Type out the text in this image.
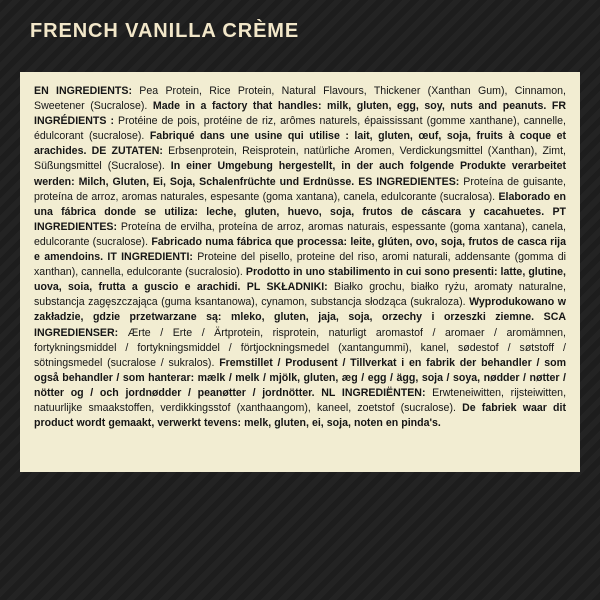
FRENCH VANILLA CRÈME

EN INGREDIENTS: Pea Protein, Rice Protein, Natural Flavours, Thickener (Xanthan Gum), Cinnamon, Sweetener (Sucralose). Made in a factory that handles: milk, gluten, egg, soy, nuts and peanuts. FR INGRÉDIENTS : Protéine de pois, protéine de riz, arômes naturels, épaississant (gomme xanthane), cannelle, édulcorant (sucralose). Fabriqué dans une usine qui utilise : lait, gluten, œuf, soja, fruits à coque et arachides. DE ZUTATEN: Erbsenprotein, Reisprotein, natürliche Aromen, Verdickungsmittel (Xanthan), Zimt, Süßungsmittel (Sucralose). In einer Umgebung hergestellt, in der auch folgende Produkte verarbeitet werden: Milch, Gluten, Ei, Soja, Schalenfrüchte und Erdnüsse. ES INGREDIENTES: Proteína de guisante, proteína de arroz, aromas naturales, espesante (goma xantana), canela, edulcorante (sucralosa). Elaborado en una fábrica donde se utiliza: leche, gluten, huevo, soja, frutos de cáscara y cacahuetes. PT INGREDIENTES: Proteína de ervilha, proteína de arroz, aromas naturais, espessante (goma xantana), canela, edulcorante (sucralose). Fabricado numa fábrica que processa: leite, glúten, ovo, soja, frutos de casca rija e amendoins. IT INGREDIENTI: Proteine del pisello, proteine del riso, aromi naturali, addensante (gomma di xanthan), cannella, edulcorante (sucralosio). Prodotto in uno stabilimento in cui sono presenti: latte, glutine, uova, soia, frutta a guscio e arachidi. PL SKŁADNIKI: Białko grochu, białko ryżu, aromaty naturalne, substancja zagęszczająca (guma ksantanowa), cynamon, substancja słodząca (sukraloza). Wyprodukowano w zakładzie, gdzie przetwarzane są: mleko, gluten, jaja, soja, orzechy i orzeszki ziemne. SCA INGREDIENSER: Ærte / Erte / Ärtprotein, risprotein, naturligt aromastof / aromaer / aromämnen, fortykningsmiddel / fortykningsmiddel / förtjockningsmedel (xantangummi), kanel, sødestof / søtstoff / sötningsmedel (sucralose / sukralos). Fremstillet / Produsent / Tillverkat i en fabrik der behandler / som også behandler / som hanterar: mælk / melk / mjölk, gluten, æg / egg / ägg, soja / soya, nødder / nøtter / nötter og / och jordnødder / peanøtter / jordnötter. NL INGREDIËNTEN: Erwteneiwitten, rijsteiwitten, natuurlijke smaakstoffen, verdikkingsstof (xanthaangom), kaneel, zoetstof (sucralose). De fabriek waar dit product wordt gemaakt, verwerkt tevens: melk, gluten, ei, soja, noten en pinda's.
